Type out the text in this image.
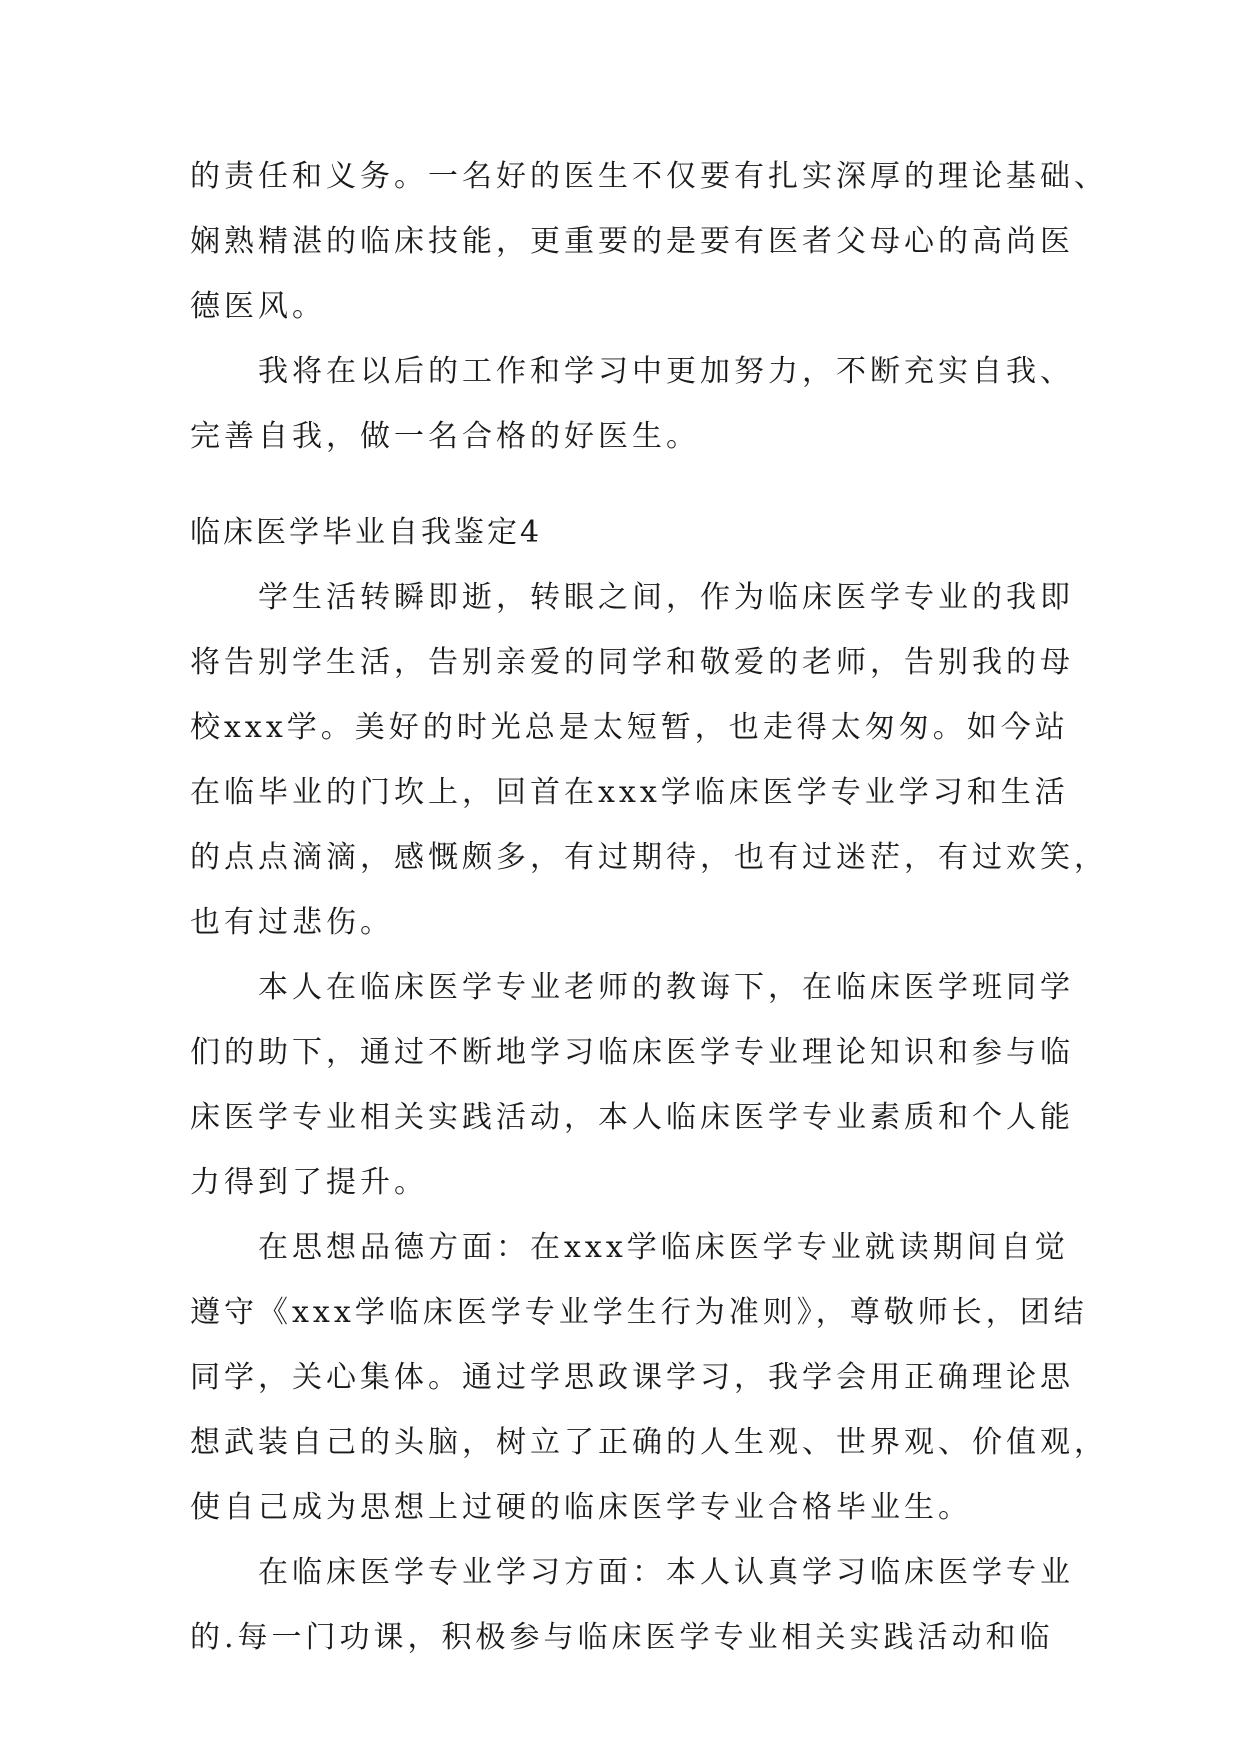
的责任和义务。一名好的医生不仅要有扎实深厚的理论基础、
娴熟精湛的临床技能，更重要的是要有医者父母心的高尚医
德医风。
我将在以后的工作和学习中更加努力，不断充实自我、
完善自我，做一名合格的好医生。
临床医学毕业自我鉴定4
学生活转瞬即逝，转眼之间，作为临床医学专业的我即
将告别学生活，告别亲爱的同学和敬爱的老师，告别我的母
校xxx学。美好的时光总是太短暂，也走得太匆匆。如今站
在临毕业的门坎上，回首在xxx学临床医学专业学习和生活
的点点滴滴，感慨颇多，有过期待，也有过迷茫，有过欢笑，
也有过悲伤。
本人在临床医学专业老师的教诲下，在临床医学班同学
们的助下，通过不断地学习临床医学专业理论知识和参与临
床医学专业相关实践活动，本人临床医学专业素质和个人能
力得到了提升。
在思想品德方面：在xxx学临床医学专业就读期间自觉
遵守《xxx学临床医学专业学生行为准则》，尊敬师长，团结
同学，关心集体。通过学思政课学习，我学会用正确理论思
想武装自己的头脑，树立了正确的人生观、世界观、价值观，
使自己成为思想上过硬的临床医学专业合格毕业生。
在临床医学专业学习方面：本人认真学习临床医学专业
的.每一门功课，积极参与临床医学专业相关实践活动和临
